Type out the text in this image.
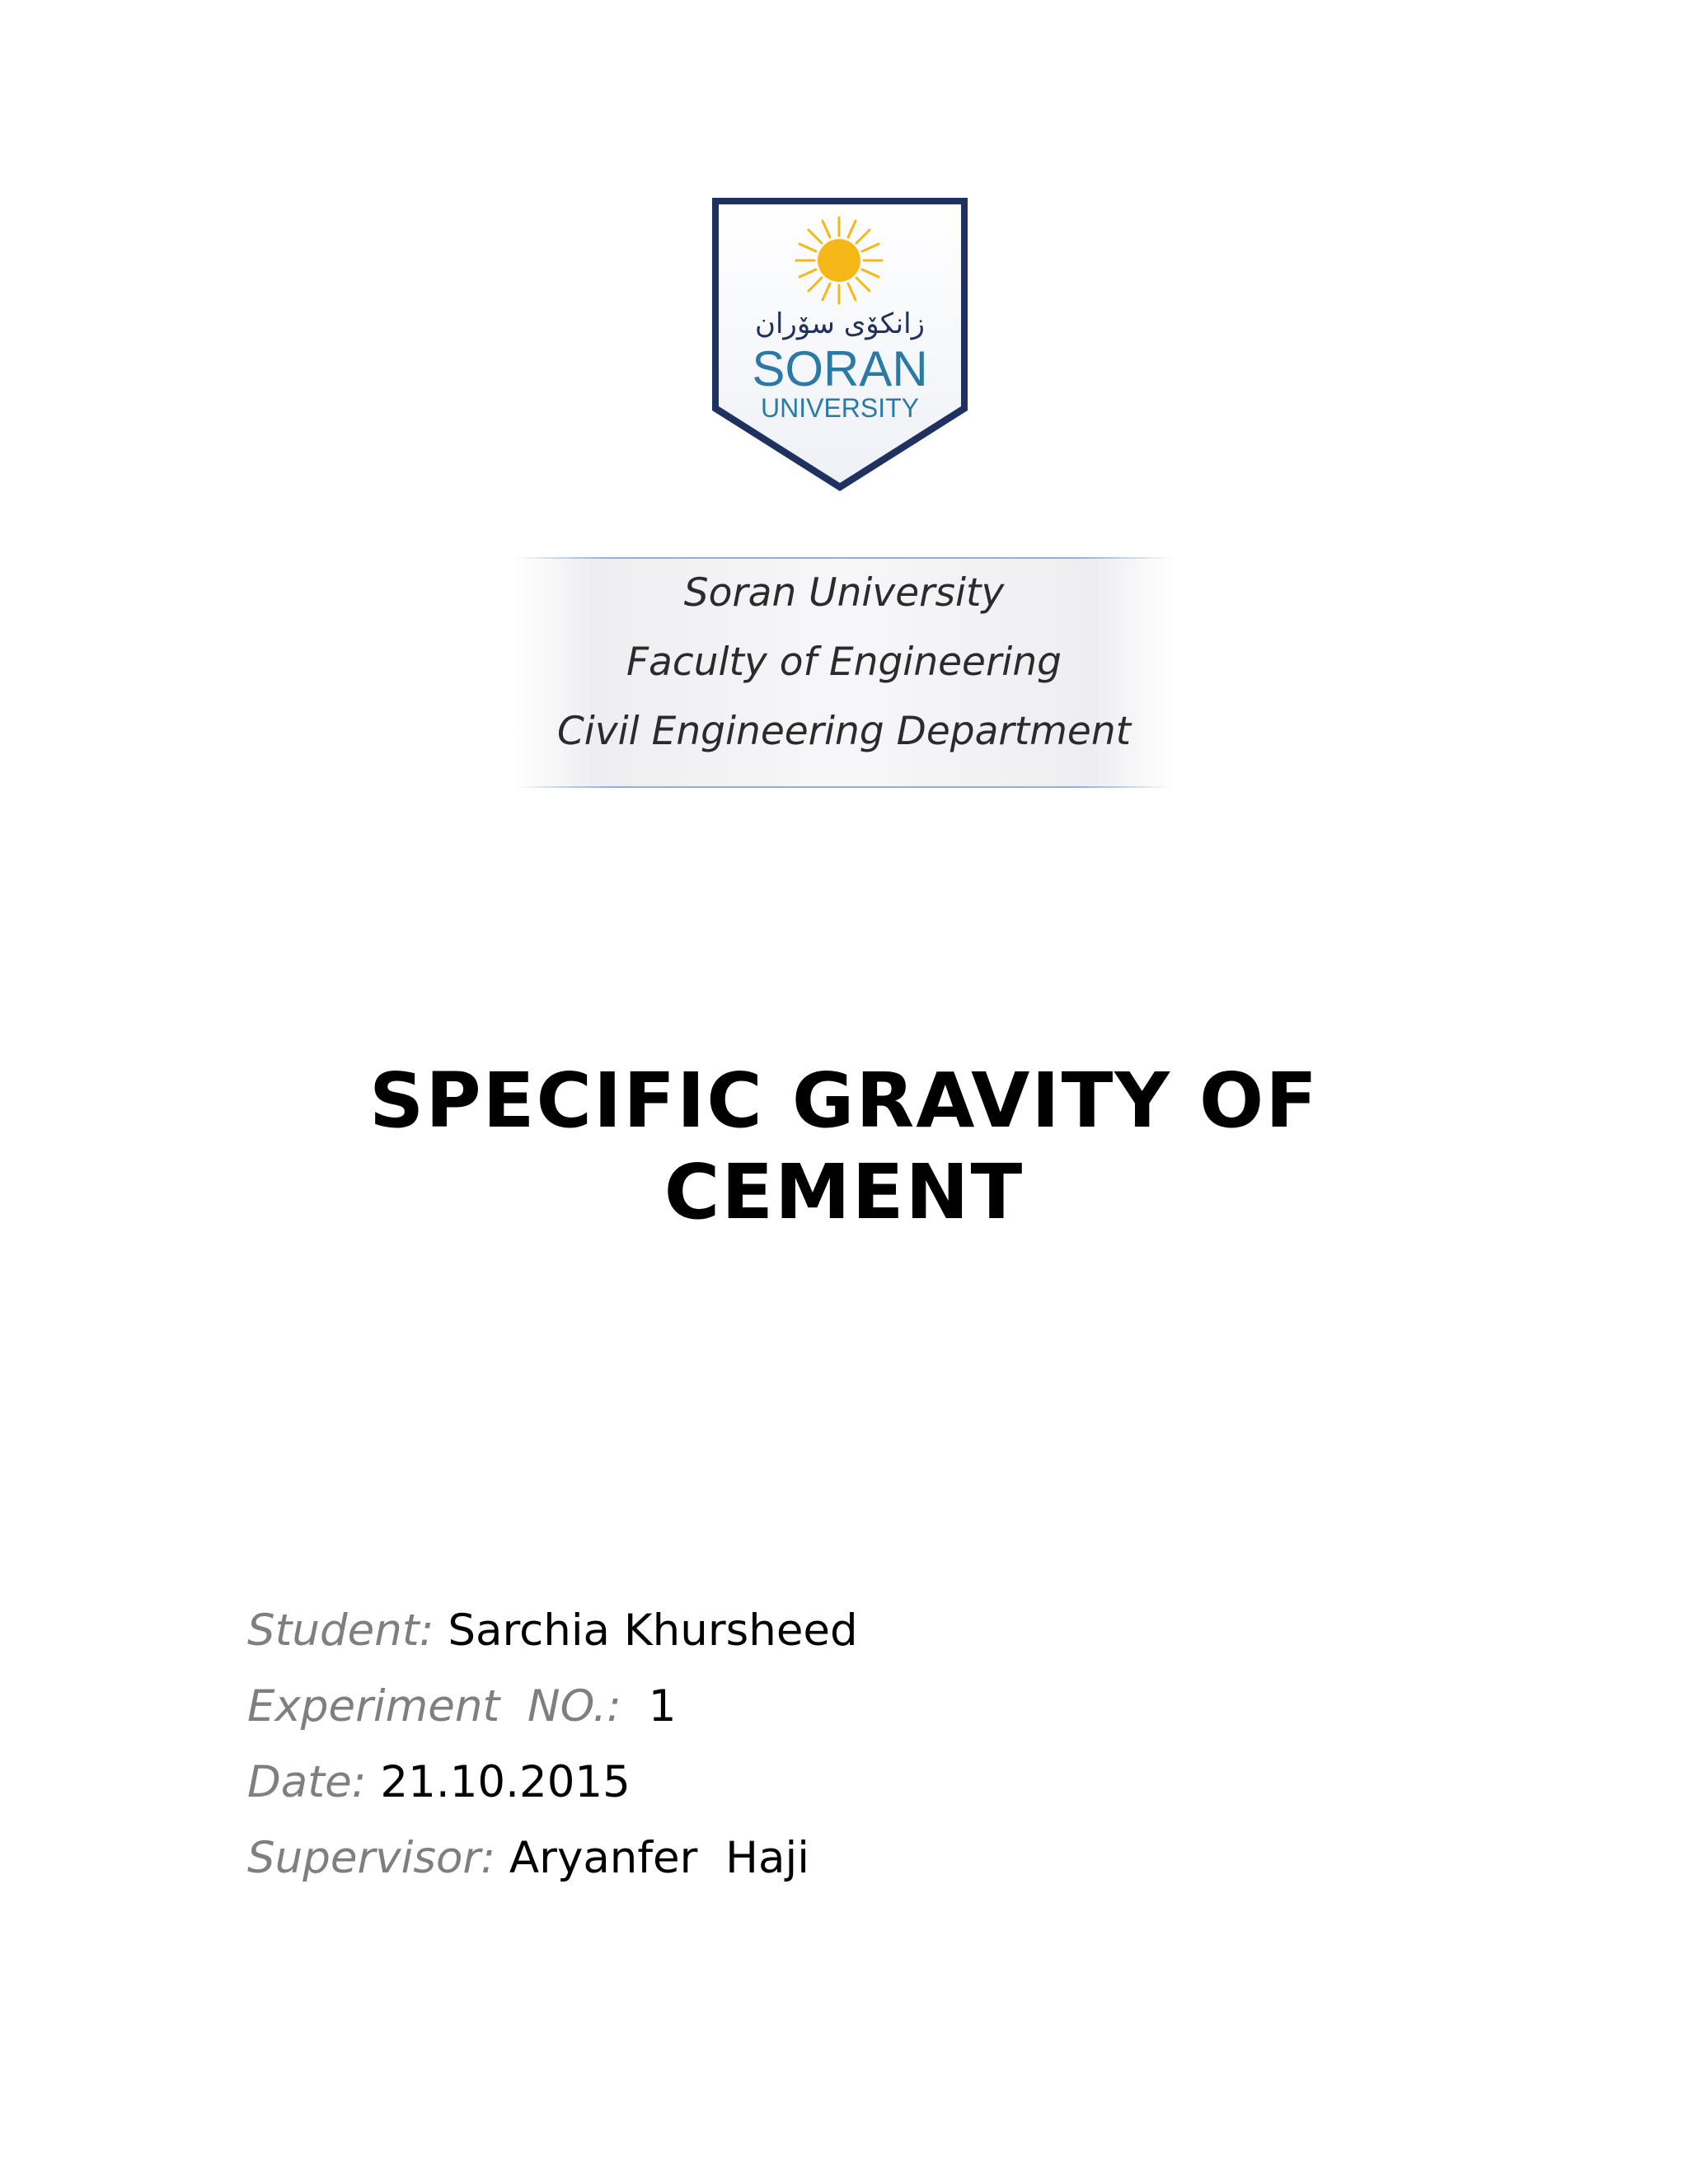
زانكۆی سۆران
SORAN
UNIVERSITY
Soran University
Faculty of Engineering
Civil Engineering Department
SPECIFIC GRAVITY OF
CEMENT
Student: Sarchia Khursheed
Experiment  NO.: 1
Date: 21.10.2015
Supervisor: Aryanfer  Haji
